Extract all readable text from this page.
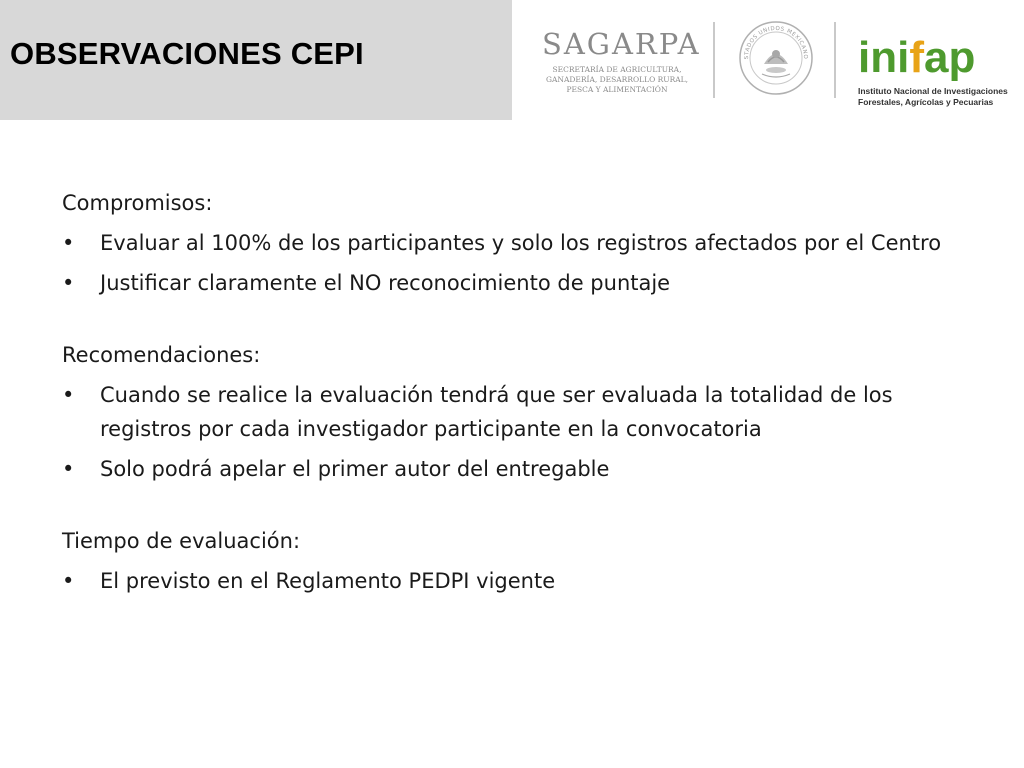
OBSERVACIONES CEPI	SAGARPA
SECRETARÍA DE AGRICULTURA,
GANADERÍA, DESARROLLO RURAL,
PESCA Y ALIMENTACIÓN
STADOS UNIDOS MEXICANO inifap
Instituto Nacional de Investigaciones
Forestales, Agrícolas y Pecuarias

Compromisos:

• Evaluar al 100% de los participantes y solo los registros afectados por el Centro
• Justificar claramente el NO reconocimiento de puntaje

Recomendaciones:

• Cuando se realice la evaluación tendrá que ser evaluada la totalidad de los registros por cada investigador participante en la convocatoria
• Solo podrá apelar el primer autor del entregable

Tiempo de evaluación:

• El previsto en el Reglamento PEDPI vigente
